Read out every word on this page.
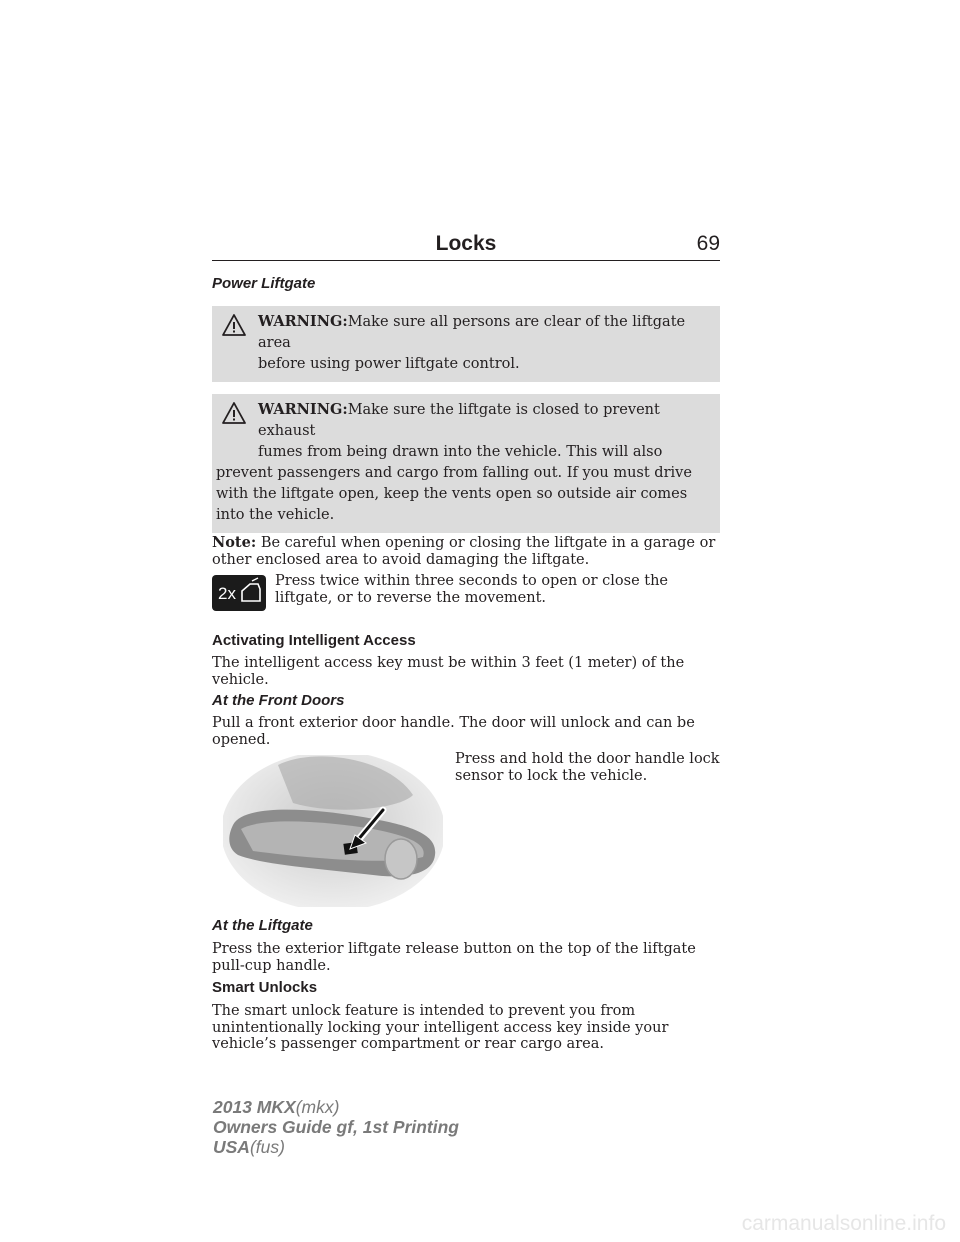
Locks	69
Power Liftgate
WARNING:Make sure all persons are clear of the liftgate area
before using power liftgate control.
WARNING:Make sure the liftgate is closed to prevent exhaust
fumes from being drawn into the vehicle. This will also prevent passengers and cargo from falling out. If you must drive with the liftgate open, keep the vents open so outside air comes into the vehicle.

Note: Be careful when opening or closing the liftgate in a garage or other enclosed area to avoid damaging the liftgate.

2x

Press twice within three seconds to open or close the liftgate, or to reverse the movement.

Activating Intelligent Access

The intelligent access key must be within 3 feet (1 meter) of the vehicle.

At the Front Doors

Pull a front exterior door handle. The door will unlock and can be opened.

Press and hold the door handle lock sensor to lock the vehicle.

At the Liftgate

Press the exterior liftgate release button on the top of the liftgate pull-cup handle.

Smart Unlocks

The smart unlock feature is intended to prevent you from unintentionally locking your intelligent access key inside your vehicle’s passenger compartment or rear cargo area.

2013 MKX(mkx)
Owners Guide gf, 1st Printing
USA(fus)
carmanualsonline.info
